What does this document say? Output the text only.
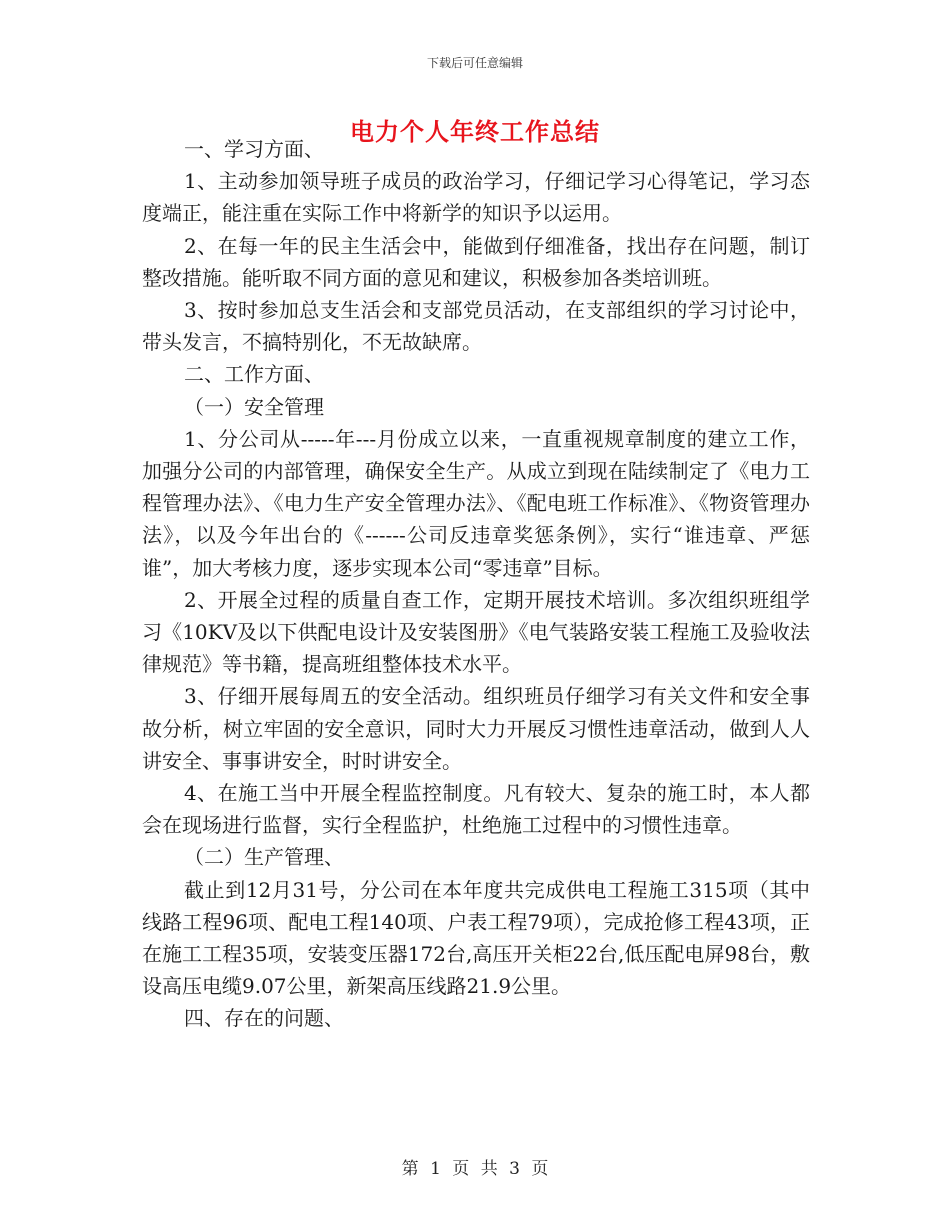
下载后可任意编辑
电力个人年终工作总结

一、学习方面、

1、主动参加领导班子成员的政治学习，仔细记学习心得笔记，学习态度端正，能注重在实际工作中将新学的知识予以运用。

2、在每一年的民主生活会中，能做到仔细准备，找出存在问题，制订整改措施。能听取不同方面的意见和建议，积极参加各类培训班。

3、按时参加总支生活会和支部党员活动，在支部组织的学习讨论中，带头发言，不搞特别化，不无故缺席。

二、工作方面、

（一）安全管理

1、分公司从-----年---月份成立以来，一直重视规章制度的建立工作，加强分公司的内部管理，确保安全生产。从成立到现在陆续制定了《电力工程管理办法》、《电力生产安全管理办法》、《配电班工作标准》、《物资管理办法》，以及今年出台的《------公司反违章奖惩条例》，实行“谁违章、严惩谁”，加大考核力度，逐步实现本公司“零违章”目标。

2、开展全过程的质量自查工作，定期开展技术培训。多次组织班组学习《10KV及以下供配电设计及安装图册》《电气装路安装工程施工及验收法律规范》等书籍，提高班组整体技术水平。

3、仔细开展每周五的安全活动。组织班员仔细学习有关文件和安全事故分析，树立牢固的安全意识，同时大力开展反习惯性违章活动，做到人人讲安全、事事讲安全，时时讲安全。

4、在施工当中开展全程监控制度。凡有较大、复杂的施工时，本人都会在现场进行监督，实行全程监护，杜绝施工过程中的习惯性违章。

（二）生产管理、

截止到12月31号，分公司在本年度共完成供电工程施工315项（其中线路工程96项、配电工程140项、户表工程79项），完成抢修工程43项，正在施工工程35项，安装变压器172台,高压开关柜22台,低压配电屏98台，敷设高压电缆9.07公里，新架高压线路21.9公里。

四、存在的问题、

第 1 页 共 3 页
